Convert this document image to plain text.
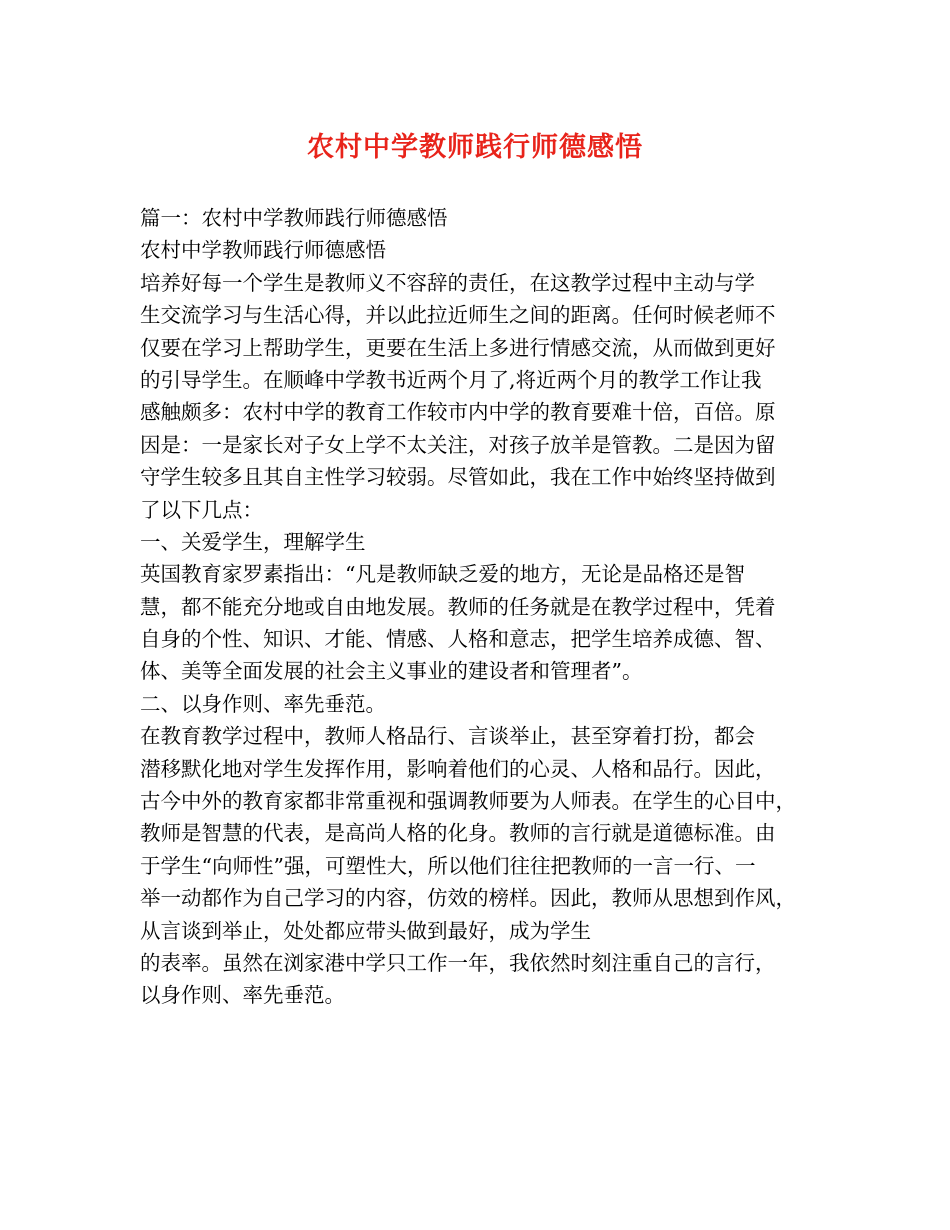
农村中学教师践行师德感悟
篇一：农村中学教师践行师德感悟
农村中学教师践行师德感悟
培养好每一个学生是教师义不容辞的责任，在这教学过程中主动与学
生交流学习与生活心得，并以此拉近师生之间的距离。任何时候老师不
仅要在学习上帮助学生，更要在生活上多进行情感交流，从而做到更好
的引导学生。在顺峰中学教书近两个月了,将近两个月的教学工作让我
感触颇多：农村中学的教育工作较市内中学的教育要难十倍，百倍。原
因是：一是家长对子女上学不太关注，对孩子放羊是管教。二是因为留
守学生较多且其自主性学习较弱。尽管如此，我在工作中始终坚持做到
了以下几点：
一、关爱学生，理解学生
英国教育家罗素指出：“凡是教师缺乏爱的地方，无论是品格还是智
慧，都不能充分地或自由地发展。教师的任务就是在教学过程中，凭着
自身的个性、知识、才能、情感、人格和意志，把学生培养成德、智、
体、美等全面发展的社会主义事业的建设者和管理者”。
二、以身作则、率先垂范。
在教育教学过程中，教师人格品行、言谈举止，甚至穿着打扮，都会
潜移默化地对学生发挥作用，影响着他们的心灵、人格和品行。因此，
古今中外的教育家都非常重视和强调教师要为人师表。在学生的心目中，
教师是智慧的代表，是高尚人格的化身。教师的言行就是道德标准。由
于学生“向师性”强，可塑性大，所以他们往往把教师的一言一行、一
举一动都作为自己学习的内容，仿效的榜样。因此，教师从思想到作风，
从言谈到举止，处处都应带头做到最好，成为学生
的表率。虽然在浏家港中学只工作一年，我依然时刻注重自己的言行，
以身作则、率先垂范。
